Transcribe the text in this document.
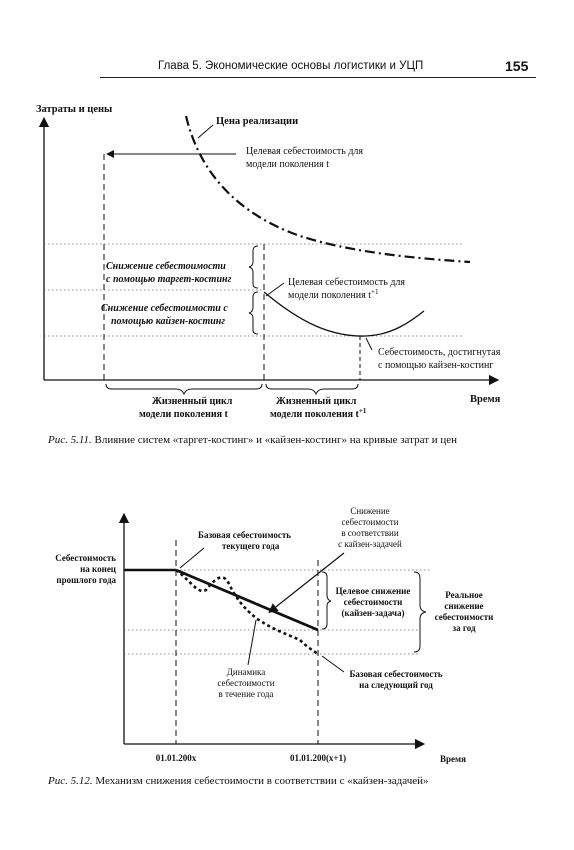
Глава 5. Экономические основы логистики и УЦП	155
Затраты и цены
Цена реализации
Целевая себестоимость для
модели поколения t
Снижение себестоимости
с помощью таргет-костинг
Снижение себестоимости с
помощью кайзен-костинг
Целевая себестоимость для
модели поколения $t^{+1}$
Себестоимость, достигнутая
с помощью кайзен-костинг
Время
Жизненный цикл
модели поколения t
Жизненный цикл
модели поколения $t^{+1}$
Себестоимость
на конец
прошлого года
Базовая себестоимость
текущего года
Снижение
себестоимости
в соответствии
с кайзен-задачей
Целевое снижение
себестоимости
(кайзен-задача)
Реальное
снижение
себестоимости
за год
Динамика
себестоимости
в течение года
Базовая себестоимость
на следующий год
01.01.200x	01.01.200(x+1)	Время
Рис. 5.11. Влияние систем «таргет-костинг» и «кайзен-костинг» на кривые затрат и цен
Рис. 5.12. Механизм снижения себестоимости в соответствии с «кайзен-задачей»
